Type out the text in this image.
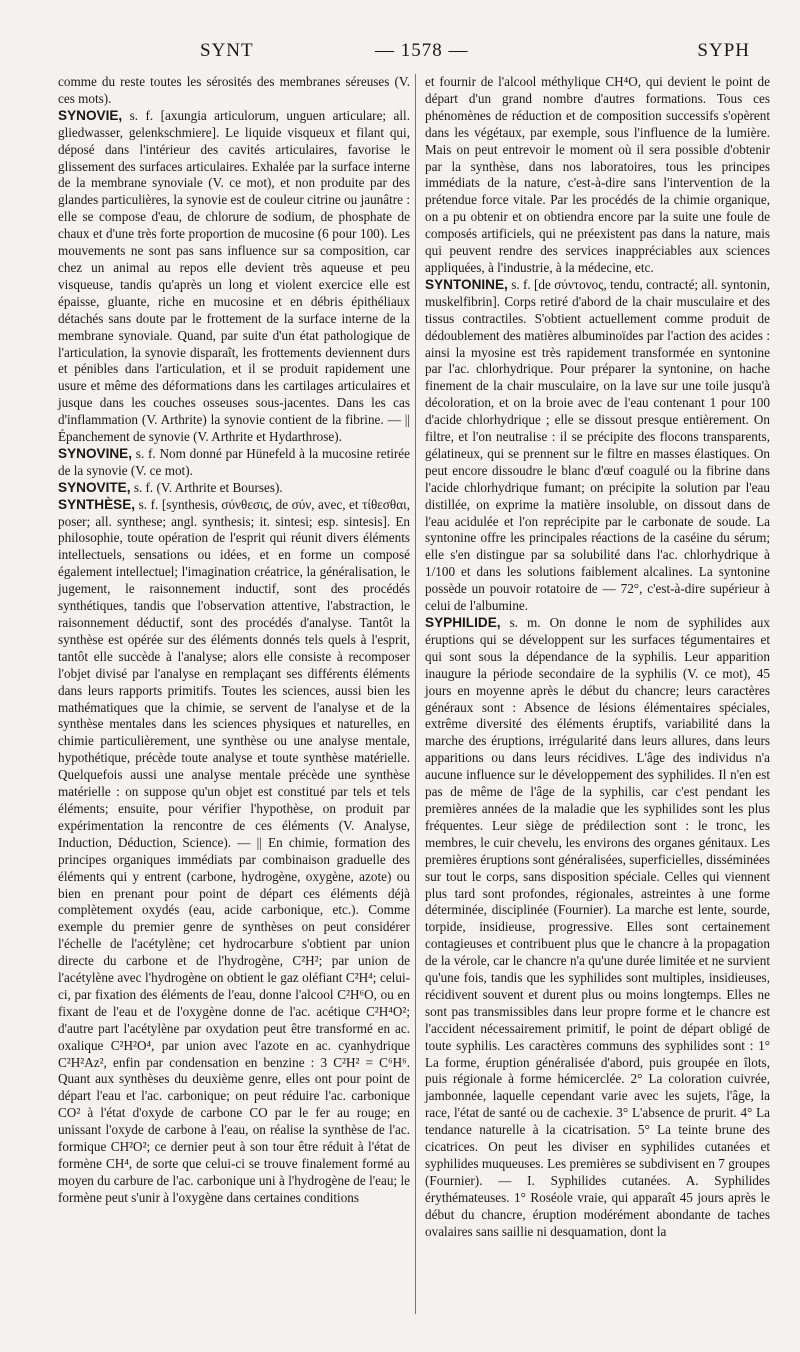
SYNT	— 1578 —	SYPH

comme du reste toutes les sérosités des membranes séreuses (V. ces mots).

SYNOVIE, s. f. [axungia articulorum, unguen articulare; all. gliedwasser, gelenkschmiere]. Le liquide visqueux et filant qui, déposé dans l'intérieur des cavités articulaires, favorise le glissement des surfaces articulaires. Exhalée par la surface interne de la membrane synoviale (V. ce mot), et non produite par des glandes particulières, la synovie est de couleur citrine ou jaunâtre : elle se compose d'eau, de chlorure de sodium, de phosphate de chaux et d'une très forte proportion de mucosine (6 pour 100). Les mouvements ne sont pas sans influence sur sa composition, car chez un animal au repos elle devient très aqueuse et peu visqueuse, tandis qu'après un long et violent exercice elle est épaisse, gluante, riche en mucosine et en débris épithéliaux détachés sans doute par le frottement de la surface interne de la membrane synoviale. Quand, par suite d'un état pathologique de l'articulation, la synovie disparaît, les frottements deviennent durs et pénibles dans l'articulation, et il se produit rapidement une usure et même des déformations dans les cartilages articulaires et jusque dans les couches osseuses sous-jacentes. Dans les cas d'inflammation (V. Arthrite) la synovie contient de la fibrine. — || Épanchement de synovie (V. Arthrite et Hydarthrose).

SYNOVINE, s. f. Nom donné par Hünefeld à la mucosine retirée de la synovie (V. ce mot).

SYNOVITE, s. f. (V. Arthrite et Bourses).

SYNTHÈSE, s. f. [synthesis, σύνθεσις, de σύν, avec, et τίθεσθαι, poser; all. synthese; angl. synthesis; it. sintesi; esp. sintesis]. En philosophie, toute opération de l'esprit qui réunit divers éléments intellectuels, sensations ou idées, et en forme un composé également intellectuel; l'imagination créatrice, la généralisation, le jugement, le raisonnement inductif, sont des procédés synthétiques, tandis que l'observation attentive, l'abstraction, le raisonnement déductif, sont des procédés d'analyse. Tantôt la synthèse est opérée sur des éléments donnés tels quels à l'esprit, tantôt elle succède à l'analyse; alors elle consiste à recomposer l'objet divisé par l'analyse en remplaçant ses différents éléments dans leurs rapports primitifs. Toutes les sciences, aussi bien les mathématiques que la chimie, se servent de l'analyse et de la synthèse mentales dans les sciences physiques et naturelles, en chimie particulièrement, une synthèse ou une analyse mentale, hypothétique, précède toute analyse et toute synthèse matérielle. Quelquefois aussi une analyse mentale précède une synthèse matérielle : on suppose qu'un objet est constitué par tels et tels éléments; ensuite, pour vérifier l'hypothèse, on produit par expérimentation la rencontre de ces éléments (V. Analyse, Induction, Déduction, Science). — || En chimie, formation des principes organiques immédiats par combinaison graduelle des éléments qui y entrent (carbone, hydrogène, oxygène, azote) ou bien en prenant pour point de départ ces éléments déjà complètement oxydés (eau, acide carbonique, etc.). Comme exemple du premier genre de synthèses on peut considérer l'échelle de l'acétylène; cet hydrocarbure s'obtient par union directe du carbone et de l'hydrogène, C²H²; par union de l'acétylène avec l'hydrogène on obtient le gaz oléfiant C²H⁴; celui-ci, par fixation des éléments de l'eau, donne l'alcool C²H⁶O, ou en fixant de l'eau et de l'oxygène donne de l'ac. acétique C²H⁴O²; d'autre part l'acétylène par oxydation peut être transformé en ac. oxalique C²H²O⁴, par union avec l'azote en ac. cyanhydrique C²H²Az², enfin par condensation en benzine : 3 C²H² = C⁶H⁶. Quant aux synthèses du deuxième genre, elles ont pour point de départ l'eau et l'ac. carbonique; on peut réduire l'ac. carbonique CO² à l'état d'oxyde de carbone CO par le fer au rouge; en unissant l'oxyde de carbone à l'eau, on réalise la synthèse de l'ac. formique CH²O²; ce dernier peut à son tour être réduit à l'état de formène CH⁴, de sorte que celui-ci se trouve finalement formé au moyen du carbure de l'ac. carbonique uni à l'hydrogène de l'eau; le formène peut s'unir à l'oxygène dans certaines conditions

et fournir de l'alcool méthylique CH⁴O, qui devient le point de départ d'un grand nombre d'autres formations. Tous ces phénomènes de réduction et de composition successifs s'opèrent dans les végétaux, par exemple, sous l'influence de la lumière. Mais on peut entrevoir le moment où il sera possible d'obtenir par la synthèse, dans nos laboratoires, tous les principes immédiats de la nature, c'est-à-dire sans l'intervention de la prétendue force vitale. Par les procédés de la chimie organique, on a pu obtenir et on obtiendra encore par la suite une foule de composés artificiels, qui ne préexistent pas dans la nature, mais qui peuvent rendre des services inappréciables aux sciences appliquées, à l'industrie, à la médecine, etc.

SYNTONINE, s. f. [de σύντονος, tendu, contracté; all. syntonin, muskelfibrin]. Corps retiré d'abord de la chair musculaire et des tissus contractiles. S'obtient actuellement comme produit de dédoublement des matières albuminoïdes par l'action des acides : ainsi la myosine est très rapidement transformée en syntonine par l'ac. chlorhydrique. Pour préparer la syntonine, on hache finement de la chair musculaire, on la lave sur une toile jusqu'à décoloration, et on la broie avec de l'eau contenant 1 pour 100 d'acide chlorhydrique ; elle se dissout presque entièrement. On filtre, et l'on neutralise : il se précipite des flocons transparents, gélatineux, qui se prennent sur le filtre en masses élastiques. On peut encore dissoudre le blanc d'œuf coagulé ou la fibrine dans l'acide chlorhydrique fumant; on précipite la solution par l'eau distillée, on exprime la matière insoluble, on dissout dans de l'eau acidulée et l'on reprécipite par le carbonate de soude. La syntonine offre les principales réactions de la caséine du sérum; elle s'en distingue par sa solubilité dans l'ac. chlorhydrique à 1/100 et dans les solutions faiblement alcalines. La syntonine possède un pouvoir rotatoire de — 72°, c'est-à-dire supérieur à celui de l'albumine.

SYPHILIDE, s. m. On donne le nom de syphilides aux éruptions qui se développent sur les surfaces tégumentaires et qui sont sous la dépendance de la syphilis. Leur apparition inaugure la période secondaire de la syphilis (V. ce mot), 45 jours en moyenne après le début du chancre; leurs caractères généraux sont : Absence de lésions élémentaires spéciales, extrême diversité des éléments éruptifs, variabilité dans la marche des éruptions, irrégularité dans leurs allures, dans leurs apparitions ou dans leurs récidives. L'âge des individus n'a aucune influence sur le développement des syphilides. Il n'en est pas de même de l'âge de la syphilis, car c'est pendant les premières années de la maladie que les syphilides sont les plus fréquentes. Leur siège de prédilection sont : le tronc, les membres, le cuir chevelu, les environs des organes génitaux. Les premières éruptions sont généralisées, superficielles, disséminées sur tout le corps, sans disposition spéciale. Celles qui viennent plus tard sont profondes, régionales, astreintes à une forme déterminée, disciplinée (Fournier). La marche est lente, sourde, torpide, insidieuse, progressive. Elles sont certainement contagieuses et contribuent plus que le chancre à la propagation de la vérole, car le chancre n'a qu'une durée limitée et ne survient qu'une fois, tandis que les syphilides sont multiples, insidieuses, récidivent souvent et durent plus ou moins longtemps. Elles ne sont pas transmissibles dans leur propre forme et le chancre est l'accident nécessairement primitif, le point de départ obligé de toute syphilis. Les caractères communs des syphilides sont : 1° La forme, éruption généralisée d'abord, puis groupée en îlots, puis régionale à forme hémicerclée. 2° La coloration cuivrée, jambonnée, laquelle cependant varie avec les sujets, l'âge, la race, l'état de santé ou de cachexie. 3° L'absence de prurit. 4° La tendance naturelle à la cicatrisation. 5° La teinte brune des cicatrices. On peut les diviser en syphilides cutanées et syphilides muqueuses. Les premières se subdivisent en 7 groupes (Fournier). — I. Syphilides cutanées. A. Syphilides érythémateuses. 1° Roséole vraie, qui apparaît 45 jours après le début du chancre, éruption modérément abondante de taches ovalaires sans saillie ni desquamation, dont la
